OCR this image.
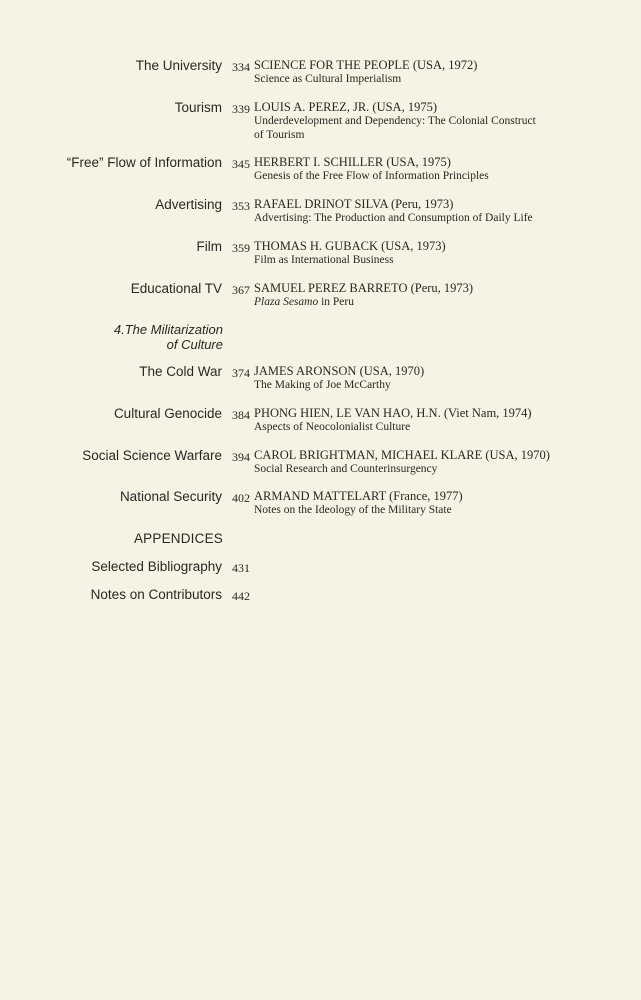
The University 334 SCIENCE FOR THE PEOPLE (USA, 1972)
Science as Cultural Imperialism
Tourism 339 LOUIS A. PEREZ, JR. (USA, 1975)
Underdevelopment and Dependency: The Colonial Construct
of Tourism
“Free” Flow of Information 345 HERBERT I. SCHILLER (USA, 1975)
Genesis of the Free Flow of Information Principles
Advertising 353 RAFAEL DRINOT SILVA (Peru, 1973)
Advertising: The Production and Consumption of Daily Life
Film 359 THOMAS H. GUBACK (USA, 1973)
Film as International Business
Educational TV 367 SAMUEL PEREZ BARRETO (Peru, 1973)
Plaza Sesamo in Peru
4.The Militarization
of Culture
The Cold War 374 JAMES ARONSON (USA, 1970)
The Making of Joe McCarthy
Cultural Genocide 384 PHONG HIEN, LE VAN HAO, H.N. (Viet Nam, 1974)
Aspects of Neocolonialist Culture
Social Science Warfare 394 CAROL BRIGHTMAN, MICHAEL KLARE (USA, 1970)
Social Research and Counterinsurgency
National Security 402 ARMAND MATTELART (France, 1977)
Notes on the Ideology of the Military State
APPENDICES
Selected Bibliography 431
Notes on Contributors 442
